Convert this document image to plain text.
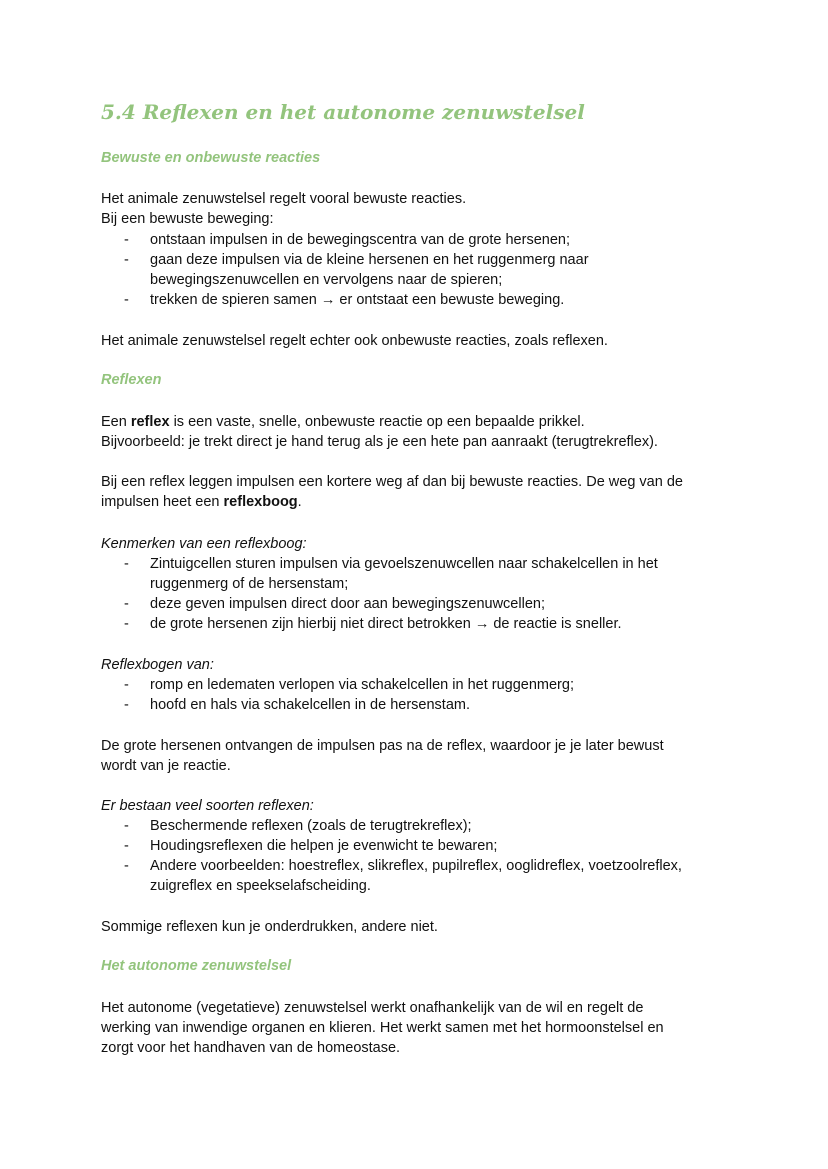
5.4 Reflexen en het autonome zenuwstelsel
Bewuste en onbewuste reacties

Het animale zenuwstelsel regelt vooral bewuste reacties.
Bij een bewuste beweging:

- ontstaan impulsen in de bewegingscentra van de grote hersenen;
- gaan deze impulsen via de kleine hersenen en het ruggenmerg naar
bewegingszenuwcellen en vervolgens naar de spieren;
- trekken de spieren samen → er ontstaat een bewuste beweging.

Het animale zenuwstelsel regelt echter ook onbewuste reacties, zoals reflexen.

Reflexen

Een reflex is een vaste, snelle, onbewuste reactie op een bepaalde prikkel.
Bijvoorbeeld: je trekt direct je hand terug als je een hete pan aanraakt (terugtrekreflex).

Bij een reflex leggen impulsen een kortere weg af dan bij bewuste reacties. De weg van de
impulsen heet een reflexboog.

Kenmerken van een reflexboog:

- Zintuigcellen sturen impulsen via gevoelszenuwcellen naar schakelcellen in het
ruggenmerg of de hersenstam;
- deze geven impulsen direct door aan bewegingszenuwcellen;
- de grote hersenen zijn hierbij niet direct betrokken → de reactie is sneller.

Reflexbogen van:

- romp en ledematen verlopen via schakelcellen in het ruggenmerg;
- hoofd en hals via schakelcellen in de hersenstam.

De grote hersenen ontvangen de impulsen pas na de reflex, waardoor je je later bewust
wordt van je reactie.

Er bestaan veel soorten reflexen:

- Beschermende reflexen (zoals de terugtrekreflex);
- Houdingsreflexen die helpen je evenwicht te bewaren;
- Andere voorbeelden: hoestreflex, slikreflex, pupilreflex, ooglidreflex, voetzoolreflex,
zuigreflex en speekselafscheiding.

Sommige reflexen kun je onderdrukken, andere niet.

Het autonome zenuwstelsel

Het autonome (vegetatieve) zenuwstelsel werkt onafhankelijk van de wil en regelt de
werking van inwendige organen en klieren. Het werkt samen met het hormoonstelsel en
zorgt voor het handhaven van de homeostase.
